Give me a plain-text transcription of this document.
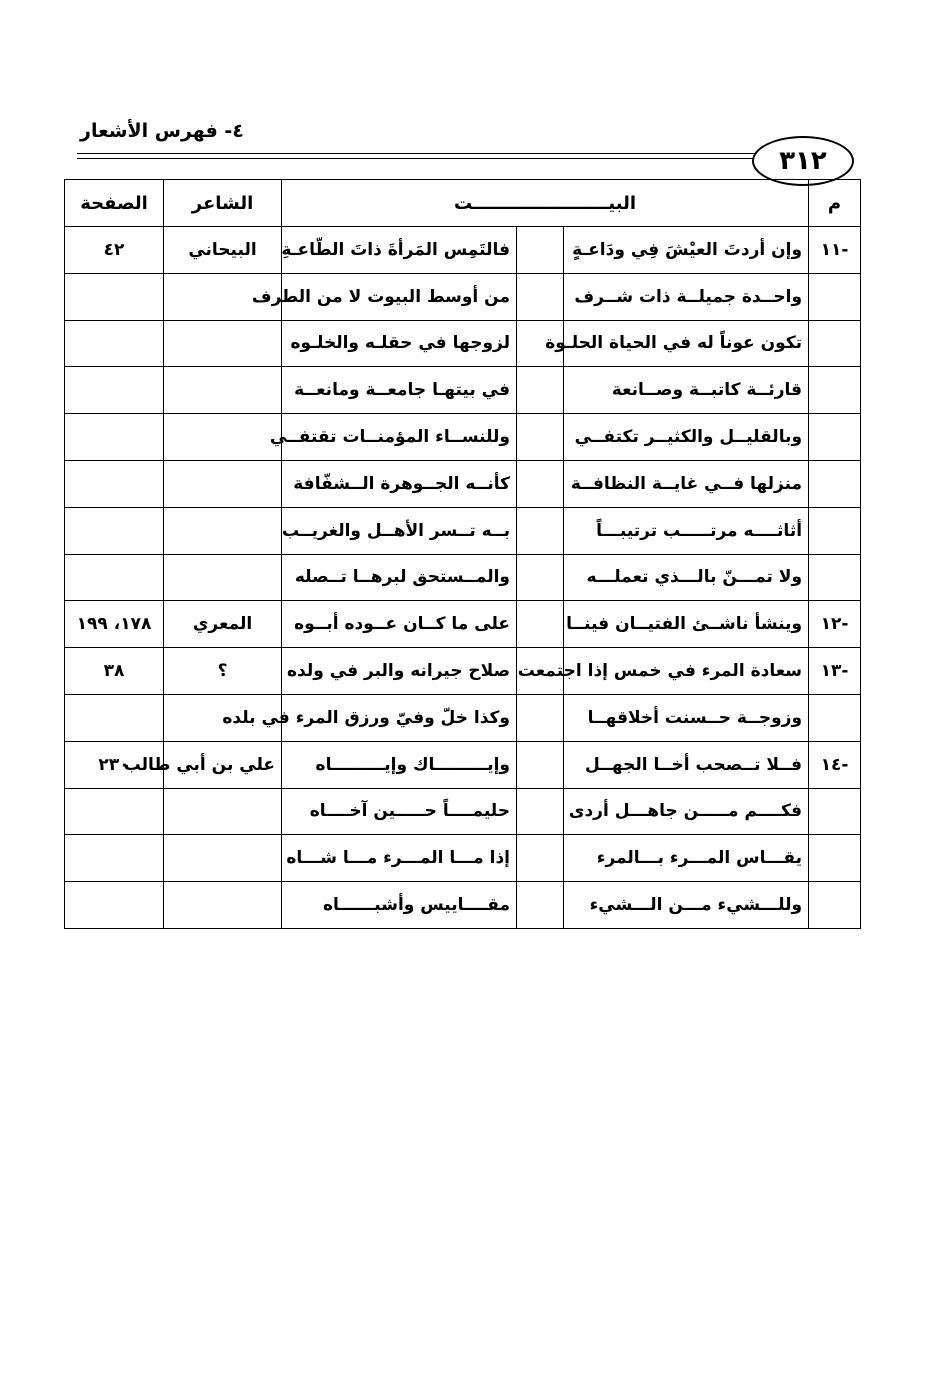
٤- فهرس الأشعار
٣١٢
الصفحة	الشاعر	البيــــــــــــــــــــــت			م
٤٢	البيحاني	فالتَمِس المَرأةَ ذاتَ الطّاعـةِ		وإن أردتَ العيْشَ فِي ودَاعـةٍ	١١-
		من أوسط البيوت لا من الطرف		واحــدة جميلــة ذات شــرف	
		لزوجها في حقلـه والخلـوه		تكون عوناً له في الحياة الحلـوة	
		في بيتهـا جامعــة ومانعــة		قارئــة كاتبــة وصــانعة	
		وللنســاء المؤمنــات تقتفــي		وبالقليــل والكثيــر تكتفــي	
		كأنــه الجــوهرة الــشفّافة		منزلها فــي غايــة النظافــة	
		بــه تــسر الأهــل والغريــب		أثاثــــه مرتـــــب ترتيبـــاً	
		والمــستحق لبرهــا تــصله		ولا تمـــنّ بالـــذي تعملـــه	
١٧٨، ١٩٩	المعري	على ما كــان عــوده أبــوه		وينشأ ناشــئ الفتيــان فينــا	١٢-
٣٨	؟	صلاح جيرانه والبر في ولده		سعادة المرء في خمس إذا اجتمعت	١٣-
		وكذا خلّ وفيّ ورزق المرء في بلده		وزوجــة حــسنت أخلاقهــا	
٢٣٠	علي بن أبي طالب	وإيـــــــــاك وإيـــــــــاه		فــلا تــصحب أخــا الجهــل	١٤-
		حليمــــاً حـــــين آخــــاه		فكــــم مـــــن جاهـــل أردى	
		إذا مـــا المـــرء مـــا شـــاه		يقـــاس المـــرء بـــالمرء	
		مقــــاييس وأشبــــــاه		وللـــشيء مـــن الـــشيء	
